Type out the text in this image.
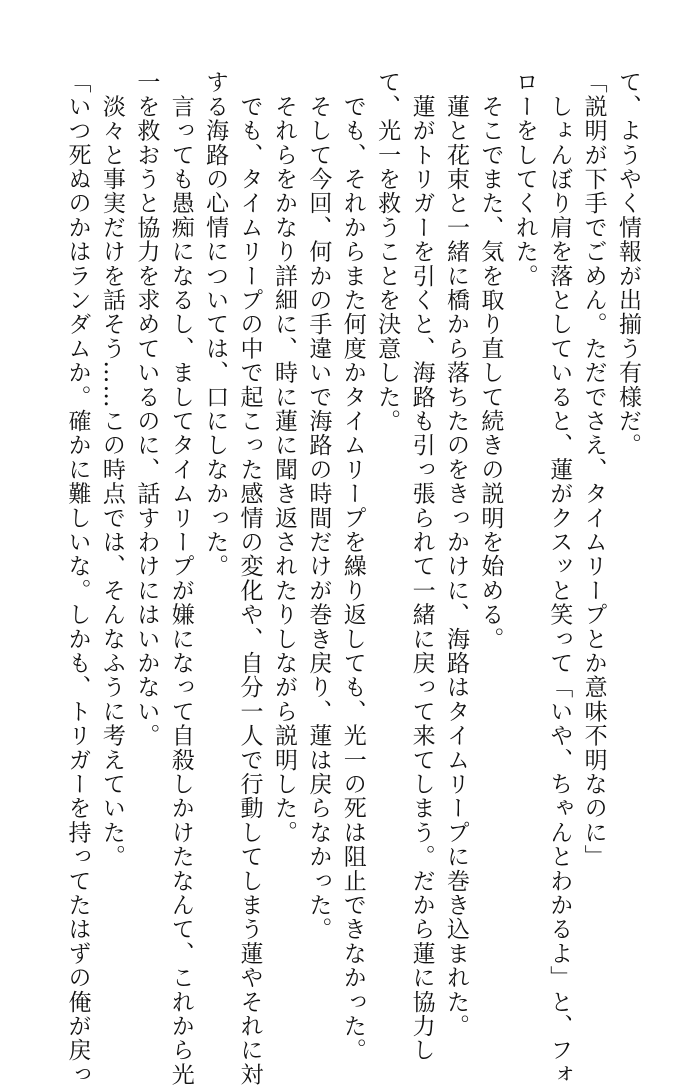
て、ようやく情報が出揃う有様だ。
「説明が下手でごめん。ただでさえ、タイムリープとか意味不明なのに」
　しょんぼり肩を落としていると、蓮がクスッと笑って「いや、ちゃんとわかるよ」と、フォ
ローをしてくれた。
　そこでまた、気を取り直して続きの説明を始める。
　蓮と花束と一緒に橋から落ちたのをきっかけに、海路はタイムリープに巻き込まれた。
　蓮がトリガーを引くと、海路も引っ張られて一緒に戻って来てしまう。だから蓮に協力し
て、光一を救うことを決意した。
　でも、それからまた何度かタイムリープを繰り返しても、光一の死は阻止できなかった。
　そして今回、何かの手違いで海路の時間だけが巻き戻り、蓮は戻らなかった。
　それらをかなり詳細に、時に蓮に聞き返されたりしながら説明した。
　でも、タイムリープの中で起こった感情の変化や、自分一人で行動してしまう蓮やそれに対
する海路の心情については、口にしなかった。
　言っても愚痴になるし、ましてタイムリープが嫌になって自殺しかけたなんて、これから光
一を救おうと協力を求めているのに、話すわけにはいかない。
　淡々と事実だけを話そう……この時点では、そんなふうに考えていた。
「いつ死ぬのかはランダムか。確かに難しいな。しかも、トリガーを持ってたはずの俺が戻っ
